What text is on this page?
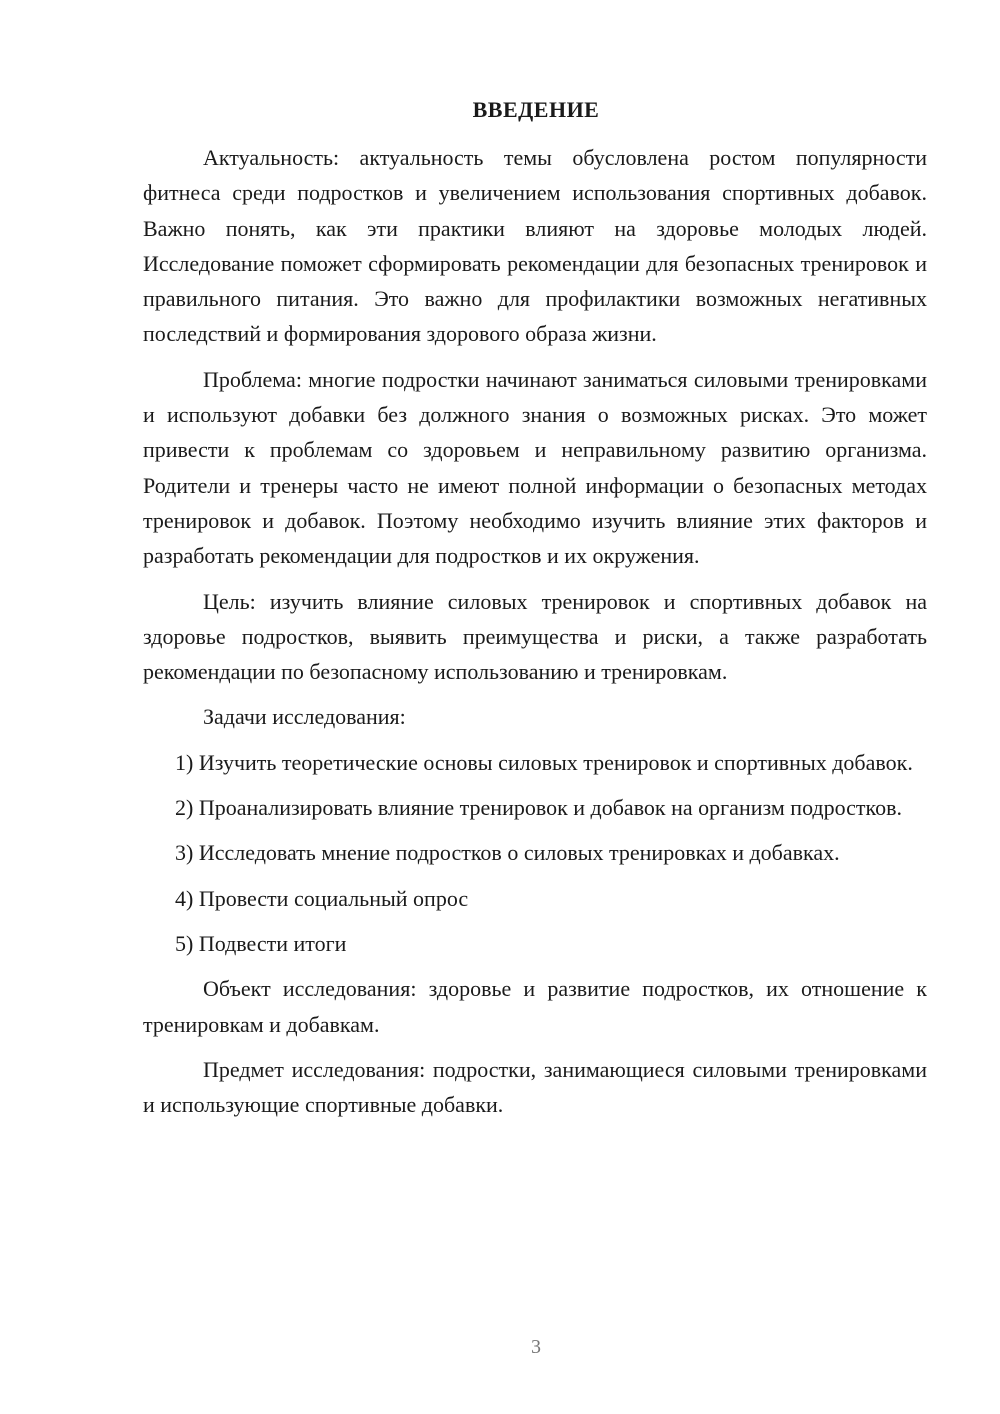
ВВЕДЕНИЕ

Актуальность: актуальность темы обусловлена ростом популярности фитнеса среди подростков и увеличением использования спортивных добавок. Важно понять, как эти практики влияют на здоровье молодых людей. Исследование поможет сформировать рекомендации для безопасных тренировок и правильного питания. Это важно для профилактики возможных негативных последствий и формирования здорового образа жизни.

Проблема: многие подростки начинают заниматься силовыми тренировками и используют добавки без должного знания о возможных рисках. Это может привести к проблемам со здоровьем и неправильному развитию организма. Родители и тренеры часто не имеют полной информации о безопасных методах тренировок и добавок. Поэтому необходимо изучить влияние этих факторов и разработать рекомендации для подростков и их окружения.

Цель: изучить влияние силовых тренировок и спортивных добавок на здоровье подростков, выявить преимущества и риски, а также разработать рекомендации по безопасному использованию и тренировкам.

Задачи исследования:

1) Изучить теоретические основы силовых тренировок и спортивных добавок.

2) Проанализировать влияние тренировок и добавок на организм подростков.

3) Исследовать мнение подростков о силовых тренировках и добавках.

4) Провести социальный опрос

5) Подвести итоги

Объект исследования: здоровье и развитие подростков, их отношение к тренировкам и добавкам.

Предмет исследования: подростки, занимающиеся силовыми тренировками и использующие спортивные добавки.

3
